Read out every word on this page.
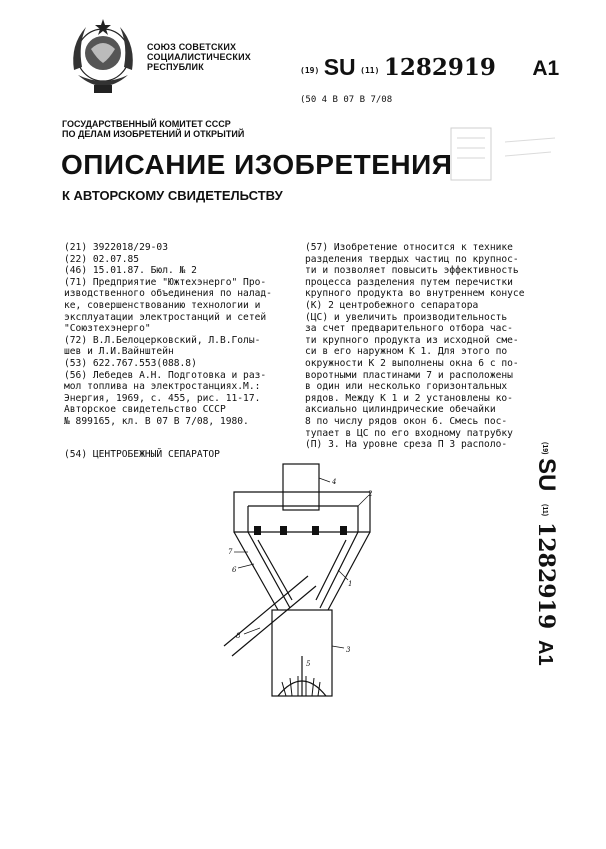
СОЮЗ СОВЕТСКИХ
СОЦИАЛИСТИЧЕСКИХ
РЕСПУБЛИК	(19) SU (11) 1282919 A1
(50 4 В 07 В 7/08
ГОСУДАРСТВЕННЫЙ КОМИТЕТ СССР
ПО ДЕЛАМ ИЗОБРЕТЕНИЙ И ОТКРЫТИЙ
ОПИСАНИЕ ИЗОБРЕТЕНИЯ
К АВТОРСКОМУ СВИДЕТЕЛЬСТВУ
(21) 3922018/29-03
(22) 02.07.85
(46) 15.01.87. Бюл. № 2
(71) Предприятие "Южтехэнерго" Про-
изводственного объединения по налад-
ке, совершенствованию технологии и
эксплуатации электростанций и сетей
"Союзтехэнерго"
(72) В.Л.Белоцерковский, Л.В.Голы-
шев и Л.И.Вайнштейн
(53) 622.767.553(088.8)
(56) Лебедев А.Н. Подготовка и раз-
мол топлива на электростанциях.М.:
Энергия, 1969, с. 455, рис. 11-17.
Авторское свидетельство СССР
№ 899165, кл. В 07 В 7/08, 1980.
(54) ЦЕНТРОБЕЖНЫЙ СЕПАРАТОР
(57) Изобретение относится к технике
разделения твердых частиц по крупнос-
ти и позволяет повысить эффективность
процесса разделения путем перечистки
крупного продукта во внутреннем конусе
(К) 2 центробежного сепаратора
(ЦС) и увеличить производительность
за счет предварительного отбора час-
ти крупного продукта из исходной сме-
си в его наружном К 1. Для этого по
окружности К 2 выполнены окна 6 с по-
воротными пластинами 7 и расположены
в один или несколько горизонтальных
рядов. Между К 1 и 2 установлены ко-
аксиально цилиндрические обечайки
8 по числу рядов окон 6. Смесь пос-
тупает в ЦС по его входному патрубку
(П) 3. На уровне среза П 3 располо-	(19)
SU
(11)
1282919
A1
4
2
7
6
1
8
3
5
